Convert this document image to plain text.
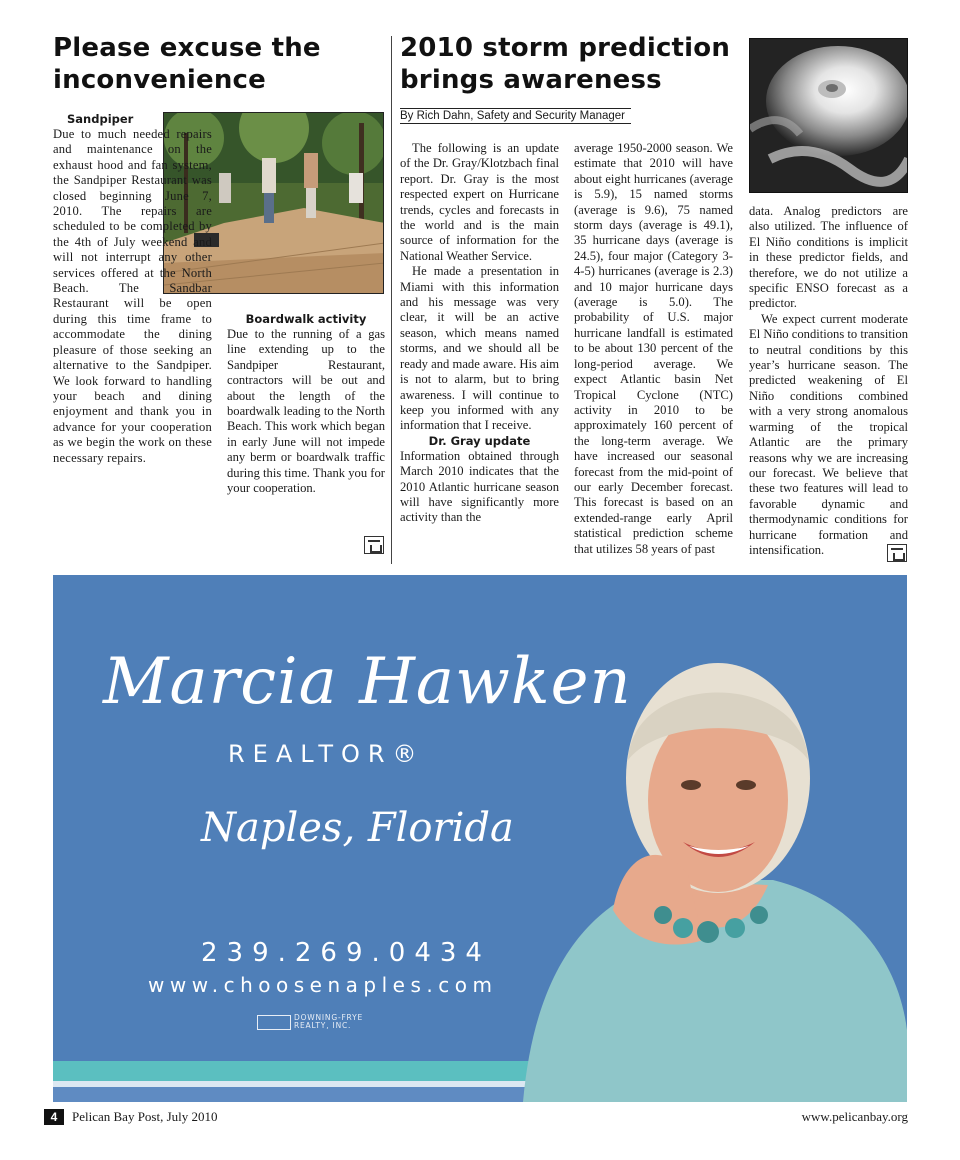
Please excuse the inconvenience
Sandpiper

Due to much needed repairs and maintenance on the exhaust hood and fan system, the Sandpiper Restaurant was closed beginning June 7, 2010. The repairs are scheduled to be completed by the 4th of July weekend and will not interrupt any other services offered at the North Beach. The Sandbar Restaurant will be open during this time frame to accommodate the dining pleasure of those seeking an alternative to the Sandpiper. We look forward to handling your beach and dining enjoyment and thank you in advance for your cooperation as we begin the work on these necessary repairs.

Boardwalk activity

Due to the running of a gas line extending up to the Sandpiper Restaurant, contractors will be out and about the length of the boardwalk leading to the North Beach. This work which began in early June will not impede any berm or boardwalk traffic during this time. Thank you for your cooperation.

2010 storm prediction brings awareness
By Rich Dahn, Safety and Security Manager

The following is an update of the Dr. Gray/Klotzbach final report. Dr. Gray is the most respected expert on Hurricane trends, cycles and forecasts in the world and is the main source of information for the National Weather Service.

He made a presentation in Miami with this information and his message was very clear, it will be an active season, which means named storms, and we should all be ready and made aware. His aim is not to alarm, but to bring awareness. I will continue to keep you informed with any information that I receive.

Dr. Gray update

Information obtained through March 2010 indicates that the 2010 Atlantic hurricane season will have significantly more activity than the

average 1950-2000 season. We estimate that 2010 will have about eight hurricanes (average is 5.9), 15 named storms (average is 9.6), 75 named storm days (average is 49.1), 35 hurricane days (average is 24.5), four major (Category 3-4-5) hurricanes (average is 2.3) and 10 major hurricane days (average is 5.0). The probability of U.S. major hurricane landfall is estimated to be about 130 percent of the long-period average. We expect Atlantic basin Net Tropical Cyclone (NTC) activity in 2010 to be approximately 160 percent of the long-term average. We have increased our seasonal forecast from the mid-point of our early December forecast. This forecast is based on an extended-range early April statistical prediction scheme that utilizes 58 years of past

data. Analog predictors are also utilized. The influence of El Niño conditions is implicit in these predictor fields, and therefore, we do not utilize a specific ENSO forecast as a predictor.

We expect current moderate El Niño conditions to transition to neutral conditions by this year’s hurricane season. The predicted weakening of El Niño conditions combined with a very strong anomalous warming of the tropical Atlantic are the primary reasons why we are increasing our forecast. We believe that these two features will lead to favorable dynamic and thermodynamic conditions for hurricane formation and intensification.

Marcia Hawken
REALTOR®
Naples, Florida
239.269.0434
www.choosenaples.com
DOWNING-FRYE
REALTY, INC.
4	Pelican Bay Post, July 2010	www.pelicanbay.org
